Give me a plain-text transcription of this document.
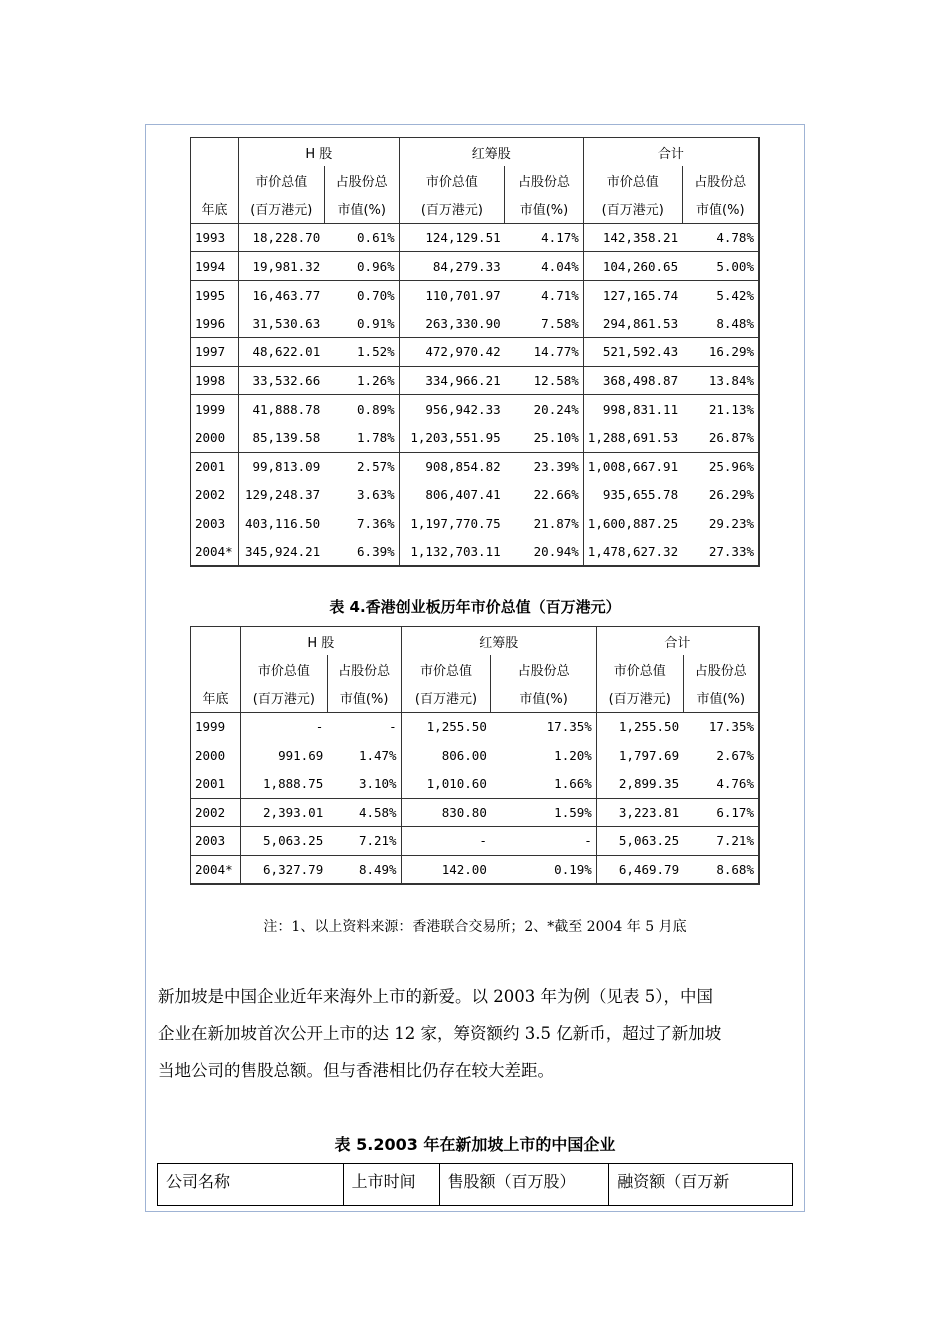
	H 股		红筹股		合计	
	市价总值	占股份总	市价总值	占股份总	市价总值	占股份总
年底	(百万港元)	市值(%)	(百万港元)	市值(%)	(百万港元)	市值(%)
1993	18,228.70	0.61%	124,129.51	4.17%	142,358.21	4.78%
1994	19,981.32	0.96%	84,279.33	4.04%	104,260.65	5.00%
1995	16,463.77	0.70%	110,701.97	4.71%	127,165.74	5.42%
1996	31,530.63	0.91%	263,330.90	7.58%	294,861.53	8.48%
1997	48,622.01	1.52%	472,970.42	14.77%	521,592.43	16.29%
1998	33,532.66	1.26%	334,966.21	12.58%	368,498.87	13.84%
1999	41,888.78	0.89%	956,942.33	20.24%	998,831.11	21.13%
2000	85,139.58	1.78%	1,203,551.95	25.10%	1,288,691.53	26.87%
2001	99,813.09	2.57%	908,854.82	23.39%	1,008,667.91	25.96%
2002	129,248.37	3.63%	806,407.41	22.66%	935,655.78	26.29%
2003	403,116.50	7.36%	1,197,770.75	21.87%	1,600,887.25	29.23%
2004*	345,924.21	6.39%	1,132,703.11	20.94%	1,478,627.32	27.33%
表 4.香港创业板历年市价总值（百万港元）
	H 股		红筹股		合计	
	市价总值	占股份总	市价总值	占股份总	市价总值	占股份总
年底	(百万港元)	市值(%)	(百万港元)	市值(%)	(百万港元)	市值(%)
1999	-	-	1,255.50	17.35%	1,255.50	17.35%
2000	991.69	1.47%	806.00	1.20%	1,797.69	2.67%
2001	1,888.75	3.10%	1,010.60	1.66%	2,899.35	4.76%
2002	2,393.01	4.58%	830.80	1.59%	3,223.81	6.17%
2003	5,063.25	7.21%	-	-	5,063.25	7.21%
2004*	6,327.79	8.49%	142.00	0.19%	6,469.79	8.68%
注：1、以上资料来源：香港联合交易所；2、*截至 2004 年 5 月底
新加坡是中国企业近年来海外上市的新爱。以 2003 年为例（见表 5），中国
企业在新加坡首次公开上市的达 12 家，筹资额约 3.5 亿新币，超过了新加坡
当地公司的售股总额。但与香港相比仍存在较大差距。
表 5.2003 年在新加坡上市的中国企业
公司名称	上市时间	售股额（百万股）	融资额（百万新
